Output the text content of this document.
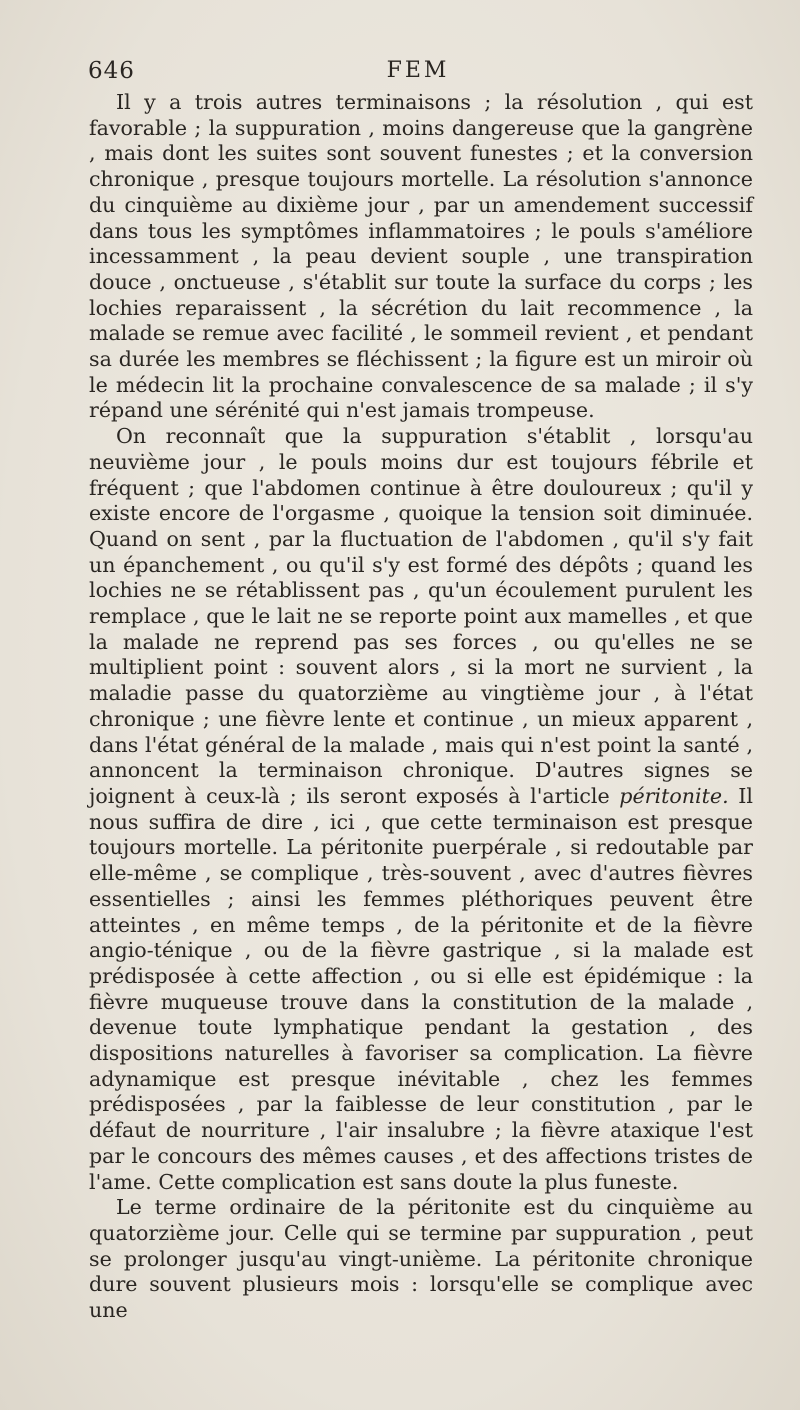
646	FEM

Il y a trois autres terminaisons ; la résolution , qui est favorable ; la suppuration , moins dangereuse que la gangrène , mais dont les suites sont souvent funestes ; et la conversion chronique , presque toujours mortelle. La résolution s'annonce du cinquième au dixième jour , par un amendement successif dans tous les symptômes inflammatoires ; le pouls s'améliore incessamment , la peau devient souple , une transpiration douce , onctueuse , s'établit sur toute la surface du corps ; les lochies reparaissent , la sécrétion du lait recommence , la malade se remue avec facilité , le sommeil revient , et pendant sa durée les membres se fléchissent ; la figure est un miroir où le médecin lit la prochaine convalescence de sa malade ; il s'y répand une sérénité qui n'est jamais trompeuse.

On reconnaît que la suppuration s'établit , lorsqu'au neuvième jour , le pouls moins dur est toujours fébrile et fréquent ; que l'abdomen continue à être douloureux ; qu'il y existe encore de l'orgasme , quoique la tension soit diminuée. Quand on sent , par la fluctuation de l'abdomen , qu'il s'y fait un épanchement , ou qu'il s'y est formé des dépôts ; quand les lochies ne se rétablissent pas , qu'un écoulement purulent les remplace , que le lait ne se reporte point aux mamelles , et que la malade ne reprend pas ses forces , ou qu'elles ne se multiplient point : souvent alors , si la mort ne survient , la maladie passe du quatorzième au vingtième jour , à l'état chronique ; une fièvre lente et continue , un mieux apparent , dans l'état général de la malade , mais qui n'est point la santé , annoncent la terminaison chronique. D'autres signes se joignent à ceux-là ; ils seront exposés à l'article péritonite. Il nous suffira de dire , ici , que cette terminaison est presque toujours mortelle. La péritonite puerpérale , si redoutable par elle-même , se complique , très-souvent , avec d'autres fièvres essentielles ; ainsi les femmes pléthoriques peuvent être atteintes , en même temps , de la péritonite et de la fièvre angio-ténique , ou de la fièvre gastrique , si la malade est prédisposée à cette affection , ou si elle est épidémique : la fièvre muqueuse trouve dans la constitution de la malade , devenue toute lymphatique pendant la gestation , des dispositions naturelles à favoriser sa complication. La fièvre adynamique est presque inévitable , chez les femmes prédisposées , par la faiblesse de leur constitution , par le défaut de nourriture , l'air insalubre ; la fièvre ataxique l'est par le concours des mêmes causes , et des affections tristes de l'ame. Cette complication est sans doute la plus funeste.

Le terme ordinaire de la péritonite est du cinquième au quatorzième jour. Celle qui se termine par suppuration , peut se prolonger jusqu'au vingt-unième. La péritonite chronique dure souvent plusieurs mois : lorsqu'elle se complique avec une
